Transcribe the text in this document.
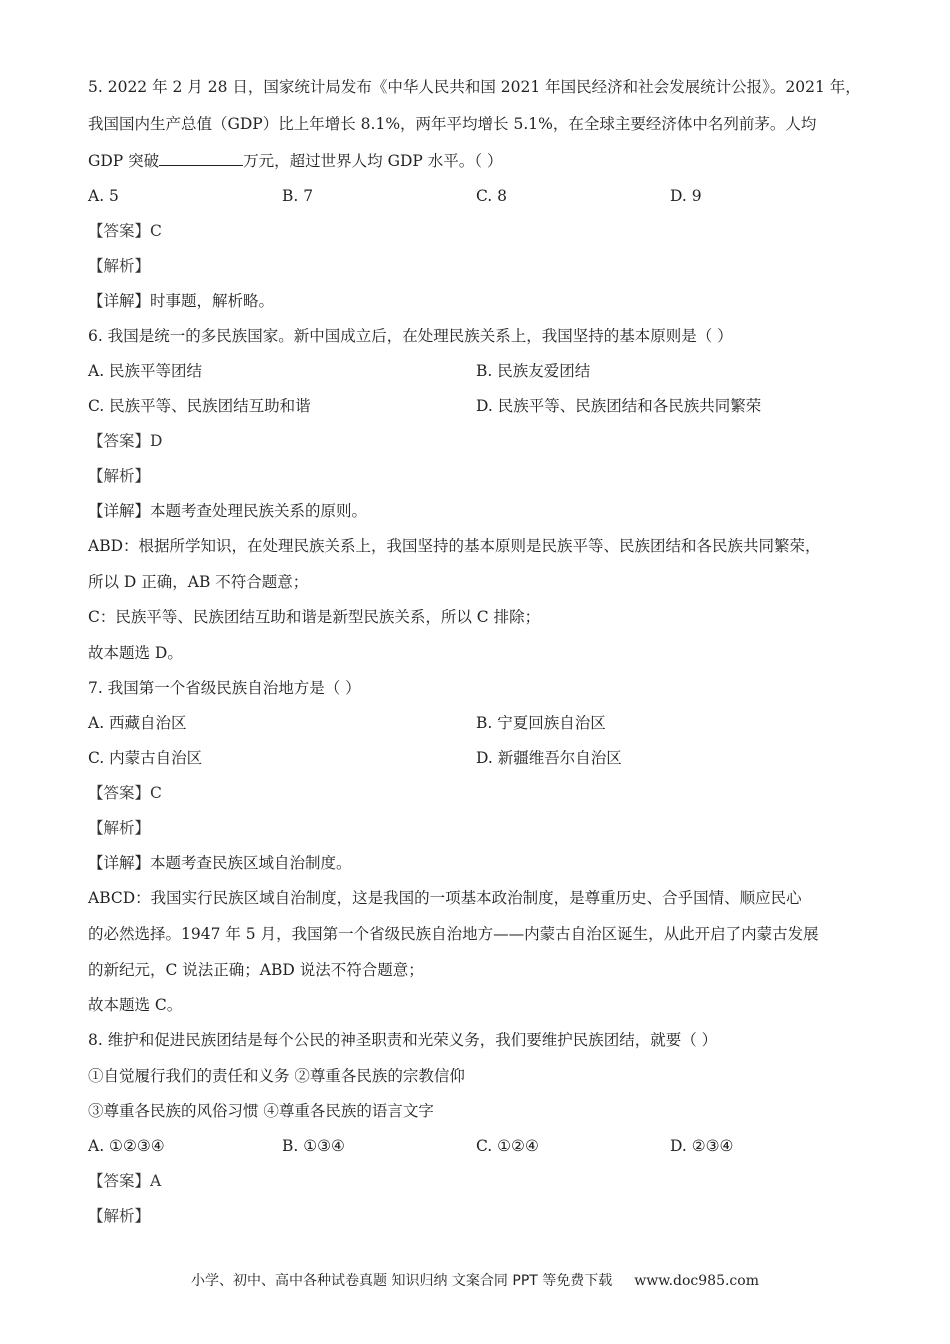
5. 2022 年 2 月 28 日，国家统计局发布《中华人民共和国 2021 年国民经济和社会发展统计公报》。2021 年，
我国国内生产总值（GDP）比上年增长 8.1%，两年平均增长 5.1%，在全球主要经济体中名列前茅。人均
GDP 突破	万元，超过世界人均 GDP 水平。（ ）
A. 5	B. 7	C. 8	D. 9
【答案】C
【解析】
【详解】时事题，解析略。
6. 我国是统一的多民族国家。新中国成立后，在处理民族关系上，我国坚持的基本原则是（ ）
A. 民族平等团结	B. 民族友爱团结
C. 民族平等、民族团结互助和谐	D. 民族平等、民族团结和各民族共同繁荣
【答案】D
【解析】
【详解】本题考查处理民族关系的原则。
ABD：根据所学知识，在处理民族关系上，我国坚持的基本原则是民族平等、民族团结和各民族共同繁荣，
所以 D 正确，AB 不符合题意；
C：民族平等、民族团结互助和谐是新型民族关系，所以 C 排除；
故本题选 D。
7. 我国第一个省级民族自治地方是（ ）
A. 西藏自治区	B. 宁夏回族自治区
C. 内蒙古自治区	D. 新疆维吾尔自治区
【答案】C
【解析】
【详解】本题考查民族区域自治制度。
ABCD：我国实行民族区域自治制度，这是我国的一项基本政治制度，是尊重历史、合乎国情、顺应民心
的必然选择。1947 年 5 月，我国第一个省级民族自治地方——内蒙古自治区诞生，从此开启了内蒙古发展
的新纪元，C 说法正确；ABD 说法不符合题意；
故本题选 C。
8. 维护和促进民族团结是每个公民的神圣职责和光荣义务，我们要维护民族团结，就要（ ）
①自觉履行我们的责任和义务 ②尊重各民族的宗教信仰
③尊重各民族的风俗习惯 ④尊重各民族的语言文字
A. ①②③④	B. ①③④	C. ①②④	D. ②③④
【答案】A
【解析】
小学、初中、高中各种试卷真题 知识归纳 文案合同 PPT 等免费下载 www.doc985.com
